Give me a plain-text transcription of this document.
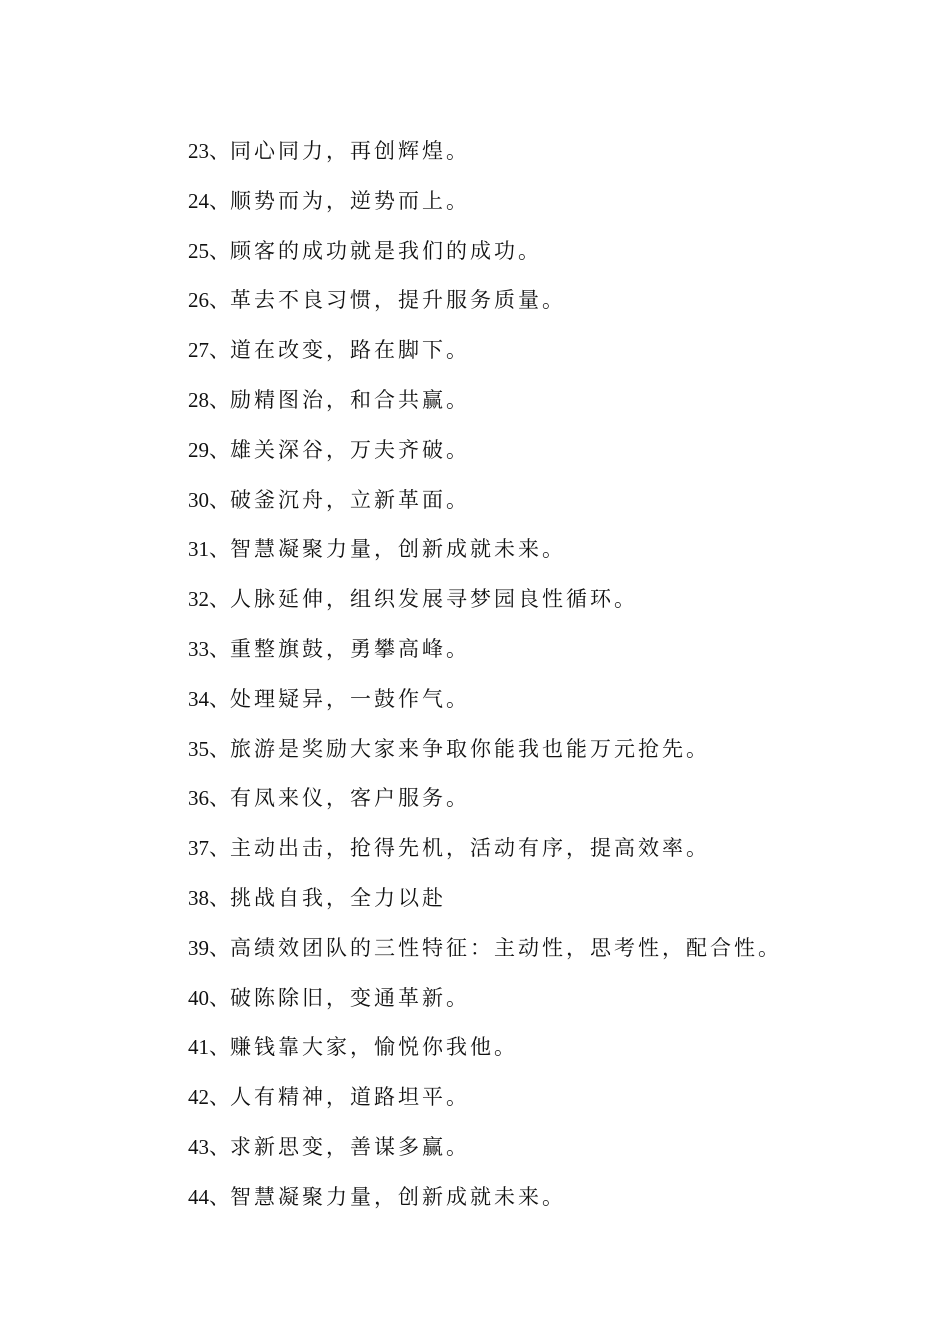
23、同心同力，再创辉煌。
24、顺势而为，逆势而上。
25、顾客的成功就是我们的成功。
26、革去不良习惯，提升服务质量。
27、道在改变，路在脚下。
28、励精图治，和合共赢。
29、雄关深谷，万夫齐破。
30、破釜沉舟，立新革面。
31、智慧凝聚力量，创新成就未来。
32、人脉延伸，组织发展寻梦园良性循环。
33、重整旗鼓，勇攀高峰。
34、处理疑异，一鼓作气。
35、旅游是奖励大家来争取你能我也能万元抢先。
36、有凤来仪，客户服务。
37、主动出击，抢得先机，活动有序，提高效率。
38、挑战自我，全力以赴
39、高绩效团队的三性特征：主动性，思考性，配合性。
40、破陈除旧，变通革新。
41、赚钱靠大家，愉悦你我他。
42、人有精神，道路坦平。
43、求新思变，善谋多赢。
44、智慧凝聚力量，创新成就未来。
